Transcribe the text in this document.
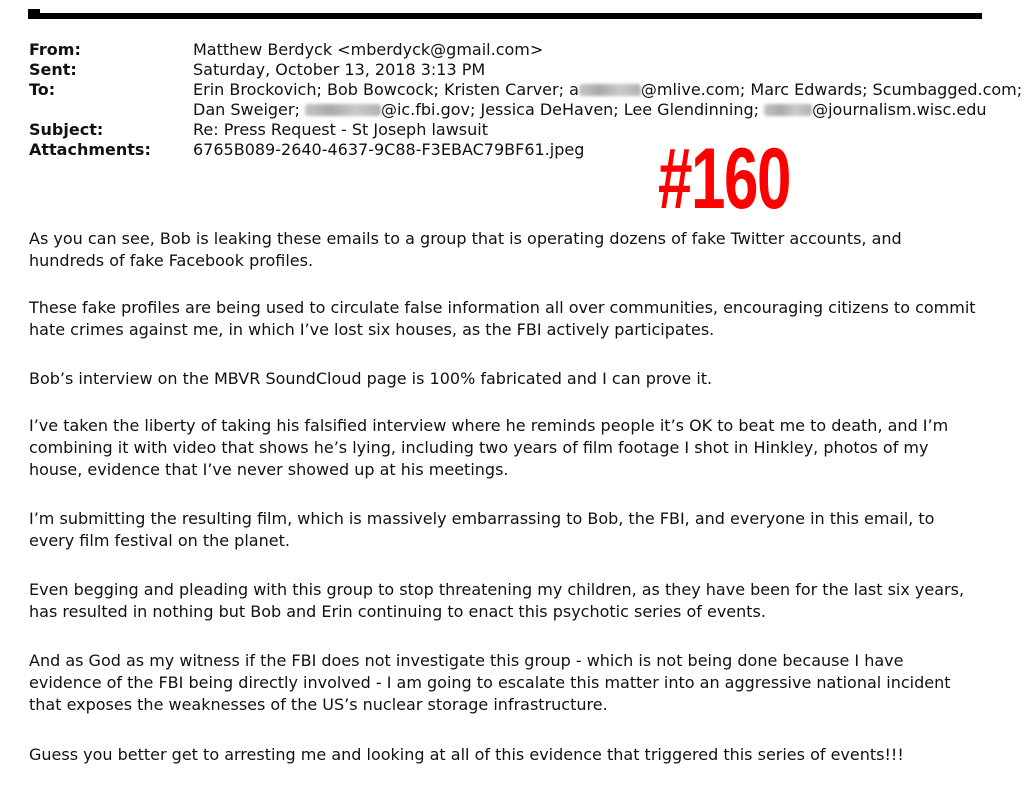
From:	Matthew Berdyck <mberdyck@gmail.com>
Sent:	Saturday, October 13, 2018 3:13 PM
To:	Erin Brockovich; Bob Bowcock; Kristen Carver; a	@mlive.com; Marc Edwards; Scumbagged.com;
Dan Sweiger;	@ic.fbi.gov; Jessica DeHaven; Lee Glendinning;	@journalism.wisc.edu
Subject:	Re: Press Request - St Joseph lawsuit
Attachments:	6765B089-2640-4637-9C88-F3EBAC79BF61.jpeg #160

As you can see, Bob is leaking these emails to a group that is operating dozens of fake Twitter accounts, and hundreds of fake Facebook profiles.

These fake profiles are being used to circulate false information all over communities, encouraging citizens to commit hate crimes against me, in which I’ve lost six houses, as the FBI actively participates.

Bob’s interview on the MBVR SoundCloud page is 100% fabricated and I can prove it.

I’ve taken the liberty of taking his falsified interview where he reminds people it’s OK to beat me to death, and I’m combining it with video that shows he’s lying, including two years of film footage I shot in Hinkley, photos of my house, evidence that I’ve never showed up at his meetings.

I’m submitting the resulting film, which is massively embarrassing to Bob, the FBI, and everyone in this email, to every film festival on the planet.

Even begging and pleading with this group to stop threatening my children, as they have been for the last six years, has resulted in nothing but Bob and Erin continuing to enact this psychotic series of events.

And as God as my witness if the FBI does not investigate this group - which is not being done because I have evidence of the FBI being directly involved - I am going to escalate this matter into an aggressive national incident that exposes the weaknesses of the US’s nuclear storage infrastructure.

Guess you better get to arresting me and looking at all of this evidence that triggered this series of events!!!
